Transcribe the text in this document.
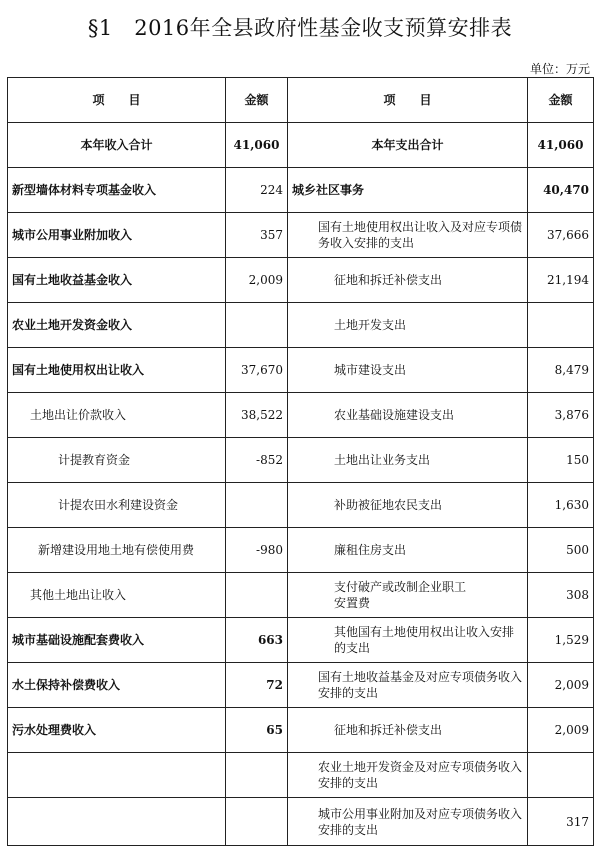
§1　2016年全县政府性基金收支预算安排表
单位：万元
项　　目	金额	项　　目	金额
本年收入合计	41,060	本年支出合计	41,060
新型墙体材料专项基金收入	224	城乡社区事务	40,470
城市公用事业附加收入	357	国有土地使用权出让收入及对应专项债务收入安排的支出	37,666
国有土地收益基金收入	2,009	征地和拆迁补偿支出	21,194
农业土地开发资金收入		土地开发支出	
国有土地使用权出让收入	37,670	城市建设支出	8,479
土地出让价款收入	38,522	农业基础设施建设支出	3,876
计提教育资金	-852	土地出让业务支出	150
计提农田水利建设资金		补助被征地农民支出	1,630
新增建设用地土地有偿使用费	-980	廉租住房支出	500
其他土地出让收入		支付破产或改制企业职工安置费	308
城市基础设施配套费收入	663	其他国有土地使用权出让收入安排的支出	1,529
水土保持补偿费收入	72	国有土地收益基金及对应专项债务收入安排的支出	2,009
污水处理费收入	65	征地和拆迁补偿支出	2,009
		农业土地开发资金及对应专项债务收入安排的支出	
		城市公用事业附加及对应专项债务收入安排的支出	317
